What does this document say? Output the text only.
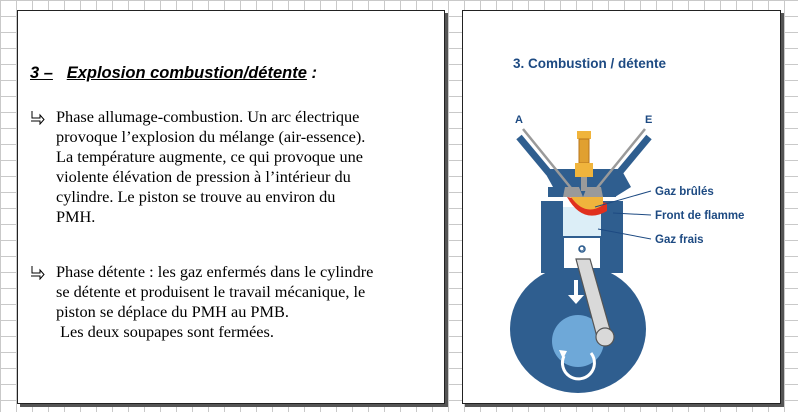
3 – Explosion combustion/détente :
Phase allumage-combustion. Un arc électrique
provoque l’explosion du mélange (air-essence).
La température augmente, ce qui provoque une
violente élévation de pression à l’intérieur du
cylindre. Le piston se trouve au environ du
PMH.
Phase détente : les gaz enfermés dans le cylindre
se détente et produisent le travail mécanique, le
piston se déplace du PMH au PMB.
Les deux soupapes sont fermées.
3. Combustion / détente
O
A	E
Gaz brûlés
Front de flamme
Gaz frais
